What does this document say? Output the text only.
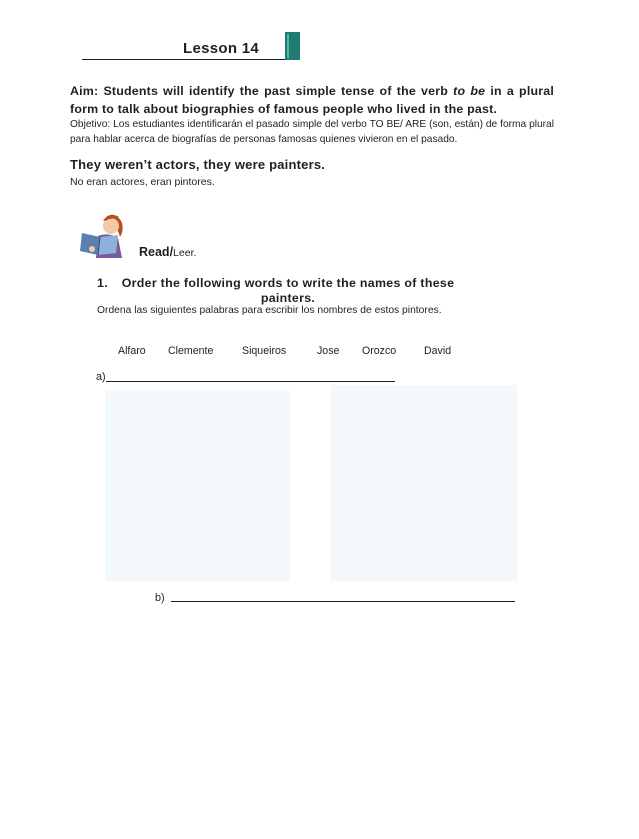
Lesson 14
Aim: Students will identify the past simple tense of the verb to be in a plural form to talk about biographies of famous people who lived in the past.
Objetivo: Los estudiantes identificarán el pasado simple del verbo TO BE/ ARE (son, están) de forma plural para hablar acerca de biografías de personas famosas quienes vivieron en el pasado.
They weren’t actors, they were painters.
No eran actores, eran pintores.
Read/Leer.
1.	Order the following words to write the names of these painters.
Ordena las siguientes palabras para escribir los nombres de estos pintores.
Alfaro Clemente	Siqueiros	Jose Orozco	David
a)
b)
